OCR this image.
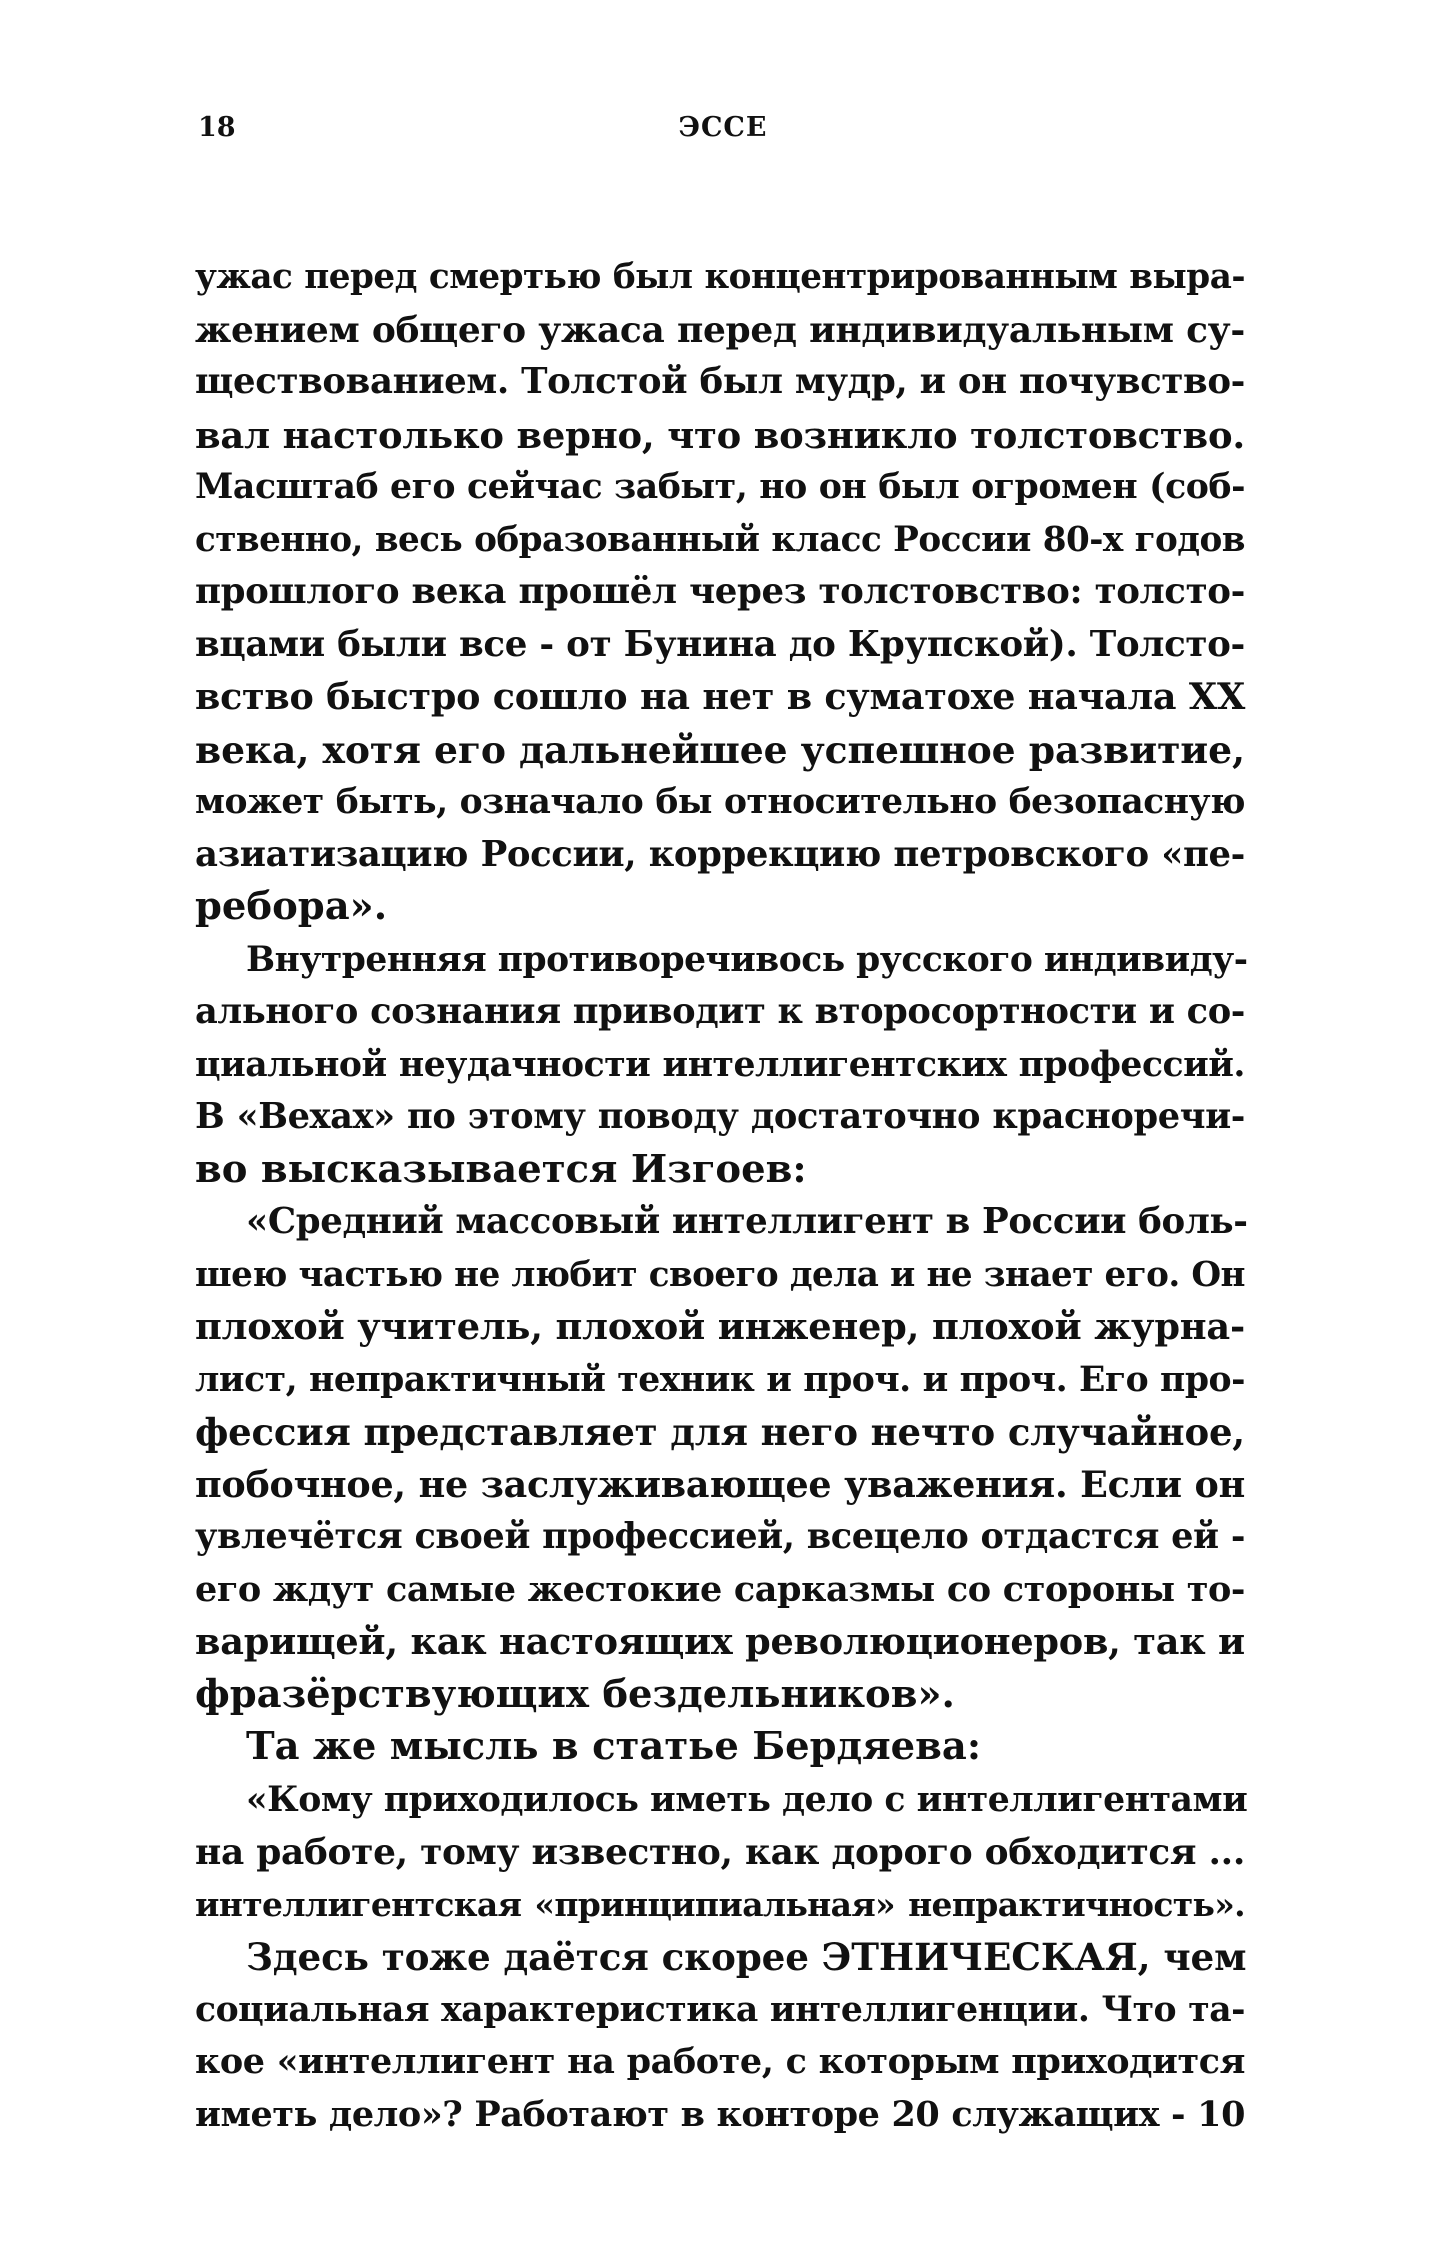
18	ЭССЕ
ужас перед смертью был концентрированным выра-
жением общего ужаса перед индивидуальным су-
ществованием. Толстой был мудр, и он почувство-
вал настолько верно, что возникло толстовство.
Масштаб его сейчас забыт, но он был огромен (соб-
ственно, весь образованный класс России 80-х годов
прошлого века прошёл через толстовство: толсто-
вцами были все - от Бунина до Крупской). Толсто-
вство быстро сошло на нет в суматохе начала XX
века, хотя его дальнейшее успешное развитие,
может быть, означало бы относительно безопасную
азиатизацию России, коррекцию петровского «пе-
ребора».
Внутренняя противоречивось русского индивиду-
ального сознания приводит к второсортности и со-
циальной неудачности интеллигентских профессий.
В «Вехах» по этому поводу достаточно красноречи-
во высказывается Изгоев:
«Средний массовый интеллигент в России боль-
шею частью не любит своего дела и не знает его. Он
плохой учитель, плохой инженер, плохой журна-
лист, непрактичный техник и проч. и проч. Его про-
фессия представляет для него нечто случайное,
побочное, не заслуживающее уважения. Если он
увлечётся своей профессией, всецело отдастся ей -
его ждут самые жестокие сарказмы со стороны то-
варищей, как настоящих революционеров, так и
фразёрствующих бездельников».
Та же мысль в статье Бердяева:
«Кому приходилось иметь дело с интеллигентами
на работе, тому известно, как дорого обходится ...
интеллигентская «принципиальная» непрактичность».
Здесь тоже даётся скорее ЭТНИЧЕСКАЯ, чем
социальная характеристика интеллигенции. Что та-
кое «интеллигент на работе, с которым приходится
иметь дело»? Работают в конторе 20 служащих - 10
